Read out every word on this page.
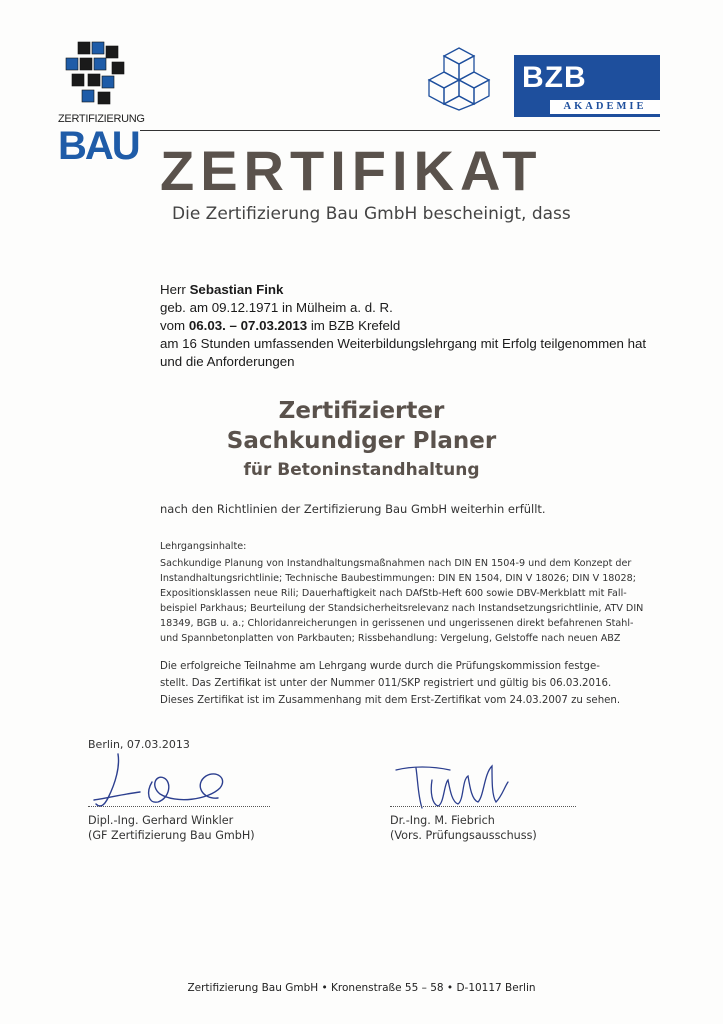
ZERTIFIZIERUNG
BAU
BZB
AKADEMIE
ZERTIFIKAT
Die Zertifizierung Bau GmbH bescheinigt, dass
Herr Sebastian Fink
geb. am 09.12.1971 in Mülheim a. d. R.
vom 06.03. – 07.03.2013 im BZB Krefeld
am 16 Stunden umfassenden Weiterbildungslehrgang mit Erfolg teilgenommen hat
und die Anforderungen
Zertifizierter
Sachkundiger Planer
für Betoninstandhaltung
nach den Richtlinien der Zertifizierung Bau GmbH weiterhin erfüllt.
Lehrgangsinhalte:
Sachkundige Planung von Instandhaltungsmaßnahmen nach DIN EN 1504-9 und dem Konzept der
Instandhaltungsrichtlinie; Technische Baubestimmungen: DIN EN 1504, DIN V 18026; DIN V 18028;
Expositionsklassen neue Rili; Dauerhaftigkeit nach DAfStb-Heft 600 sowie DBV-Merkblatt mit Fall-
beispiel Parkhaus; Beurteilung der Standsicherheitsrelevanz nach Instandsetzungsrichtlinie, ATV DIN
18349, BGB u. a.; Chloridanreicherungen in gerissenen und ungerissenen direkt befahrenen Stahl-
und Spannbetonplatten von Parkbauten; Rissbehandlung: Vergelung, Gelstoffe nach neuen ABZ
Die erfolgreiche Teilnahme am Lehrgang wurde durch die Prüfungskommission festge-
stellt. Das Zertifikat ist unter der Nummer 011/SKP registriert und gültig bis 06.03.2016.
Dieses Zertifikat ist im Zusammenhang mit dem Erst-Zertifikat vom 24.03.2007 zu sehen.
Berlin, 07.03.2013
Dipl.-Ing. Gerhard Winkler
(GF Zertifizierung Bau GmbH)
Dr.-Ing. M. Fiebrich
(Vors. Prüfungsausschuss)
Zertifizierung Bau GmbH • Kronenstraße 55 – 58 • D-10117 Berlin
